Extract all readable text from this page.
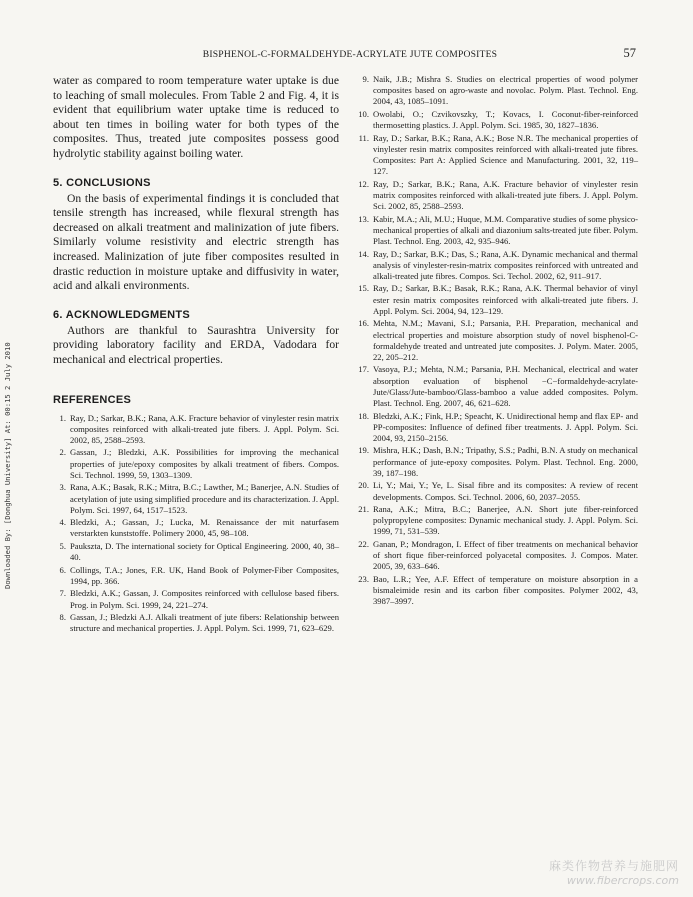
BISPHENOL-C-FORMALDEHYDE-ACRYLATE JUTE COMPOSITES	57
Downloaded By: [Donghua University] At: 00:15 2 July 2010

water as compared to room temperature water uptake is due to leaching of small molecules. From Table 2 and Fig. 4, it is evident that equilibrium water uptake time is reduced to about ten times in boiling water for both types of the composites. Thus, treated jute composites possess good hydrolytic stability against boiling water.

5. CONCLUSIONS

On the basis of experimental findings it is concluded that tensile strength has increased, while flexural strength has decreased on alkali treatment and malinization of jute fibers. Similarly volume resistivity and electric strength has increased. Malinization of jute fiber composites resulted in drastic reduction in moisture uptake and diffusivity in water, acid and alkali environments.

6. ACKNOWLEDGMENTS

Authors are thankful to Saurashtra University for providing laboratory facility and ERDA, Vadodara for mechanical and electrical properties.

REFERENCES
1. Ray, D.; Sarkar, B.K.; Rana, A.K. Fracture behavior of vinylester resin matrix composites reinforced with alkali-treated jute fibers. J. Appl. Polym. Sci. 2002, 85, 2588–2593.
2. Gassan, J.; Bledzki, A.K. Possibilities for improving the mechanical properties of jute/epoxy composites by alkali treatment of fibers. Compos. Sci. Technol. 1999, 59, 1303–1309.
3. Rana, A.K.; Basak, R.K.; Mitra, B.C.; Lawther, M.; Banerjee, A.N. Studies of acetylation of jute using simplified procedure and its characterization. J. Appl. Polym. Sci. 1997, 64, 1517–1523.
4. Bledzki, A.; Gassan, J.; Lucka, M. Renaissance der mit naturfasem verstarkten kunststoffe. Polimery 2000, 45, 98–108.
5. Paukszta, D. The international society for Optical Engineering. 2000, 40, 38–40.
6. Collings, T.A.; Jones, F.R. UK, Hand Book of Polymer-Fiber Composites, 1994, pp. 366.
7. Bledzki, A.K.; Gassan, J. Composites reinforced with cellulose based fibers. Prog. in Polym. Sci. 1999, 24, 221–274.
8. Gassan, J.; Bledzki A.J. Alkali treatment of jute fibers: Relationship between structure and mechanical properties. J. Appl. Polym. Sci. 1999, 71, 623–629.
9. Naik, J.B.; Mishra S. Studies on electrical properties of wood polymer composites based on agro-waste and novolac. Polym. Plast. Technol. Eng. 2004, 43, 1085–1091.
10. Owolabi, O.; Czvikovszky, T.; Kovacs, I. Coconut-fiber-reinforced thermosetting plastics. J. Appl. Polym. Sci. 1985, 30, 1827–1836.
11. Ray, D.; Sarkar, B.K.; Rana, A.K.; Bose N.R. The mechanical properties of vinylester resin matrix composites reinforced with alkali-treated jute fibres. Composites: Part A: Applied Science and Manufacturing. 2001, 32, 119–127.
12. Ray, D.; Sarkar, B.K.; Rana, A.K. Fracture behavior of vinylester resin matrix composites reinforced with alkali-treated jute fibers. J. Appl. Polym. Sci. 2002, 85, 2588–2593.
13. Kabir, M.A.; Ali, M.U.; Huque, M.M. Comparative studies of some physico-mechanical properties of alkali and diazonium salts-treated jute fiber. Polym. Plast. Technol. Eng. 2003, 42, 935–946.
14. Ray, D.; Sarkar, B.K.; Das, S.; Rana, A.K. Dynamic mechanical and thermal analysis of vinylester-resin-matrix composites reinforced with untreated and alkali-treated jute fibres. Compos. Sci. Techol. 2002, 62, 911–917.
15. Ray, D.; Sarkar, B.K.; Basak, R.K.; Rana, A.K. Thermal behavior of vinyl ester resin matrix composites reinforced with alkali-treated jute fibers. J. Appl. Polym. Sci. 2004, 94, 123–129.
16. Mehta, N.M.; Mavani, S.I.; Parsania, P.H. Preparation, mechanical and electrical properties and moisture absorption study of novel bisphenol-C-formaldehyde treated and untreated jute composites. J. Polym. Mater. 2005, 22, 205–212.
17. Vasoya, P.J.; Mehta, N.M.; Parsania, P.H. Mechanical, electrical and water absorption evaluation of bisphenol −C−formaldehyde-acrylate-Jute/Glass/Jute-bamboo/Glass-bamboo a value added composites. Polym. Plast. Technol. Eng. 2007, 46, 621–628.
18. Bledzki, A.K.; Fink, H.P.; Speacht, K. Unidirectional hemp and flax EP- and PP-composites: Influence of defined fiber treatments. J. Appl. Polym. Sci. 2004, 93, 2150–2156.
19. Mishra, H.K.; Dash, B.N.; Tripathy, S.S.; Padhi, B.N. A study on mechanical performance of jute-epoxy composites. Polym. Plast. Technol. Eng. 2000, 39, 187–198.
20. Li, Y.; Mai, Y.; Ye, L. Sisal fibre and its composites: A review of recent developments. Compos. Sci. Technol. 2006, 60, 2037–2055.
21. Rana, A.K.; Mitra, B.C.; Banerjee, A.N. Short jute fiber-reinforced polypropylene composites: Dynamic mechanical study. J. Appl. Polym. Sci. 1999, 71, 531–539.
22. Ganan, P.; Mondragon, I. Effect of fiber treatments on mechanical behavior of short fique fiber-reinforced polyacetal composites. J. Compos. Mater. 2005, 39, 633–646.
23. Bao, L.R.; Yee, A.F. Effect of temperature on moisture absorption in a bismaleimide resin and its carbon fiber composites. Polymer 2002, 43, 3987–3997.
麻类作物营养与施肥网
www.fibercrops.com
